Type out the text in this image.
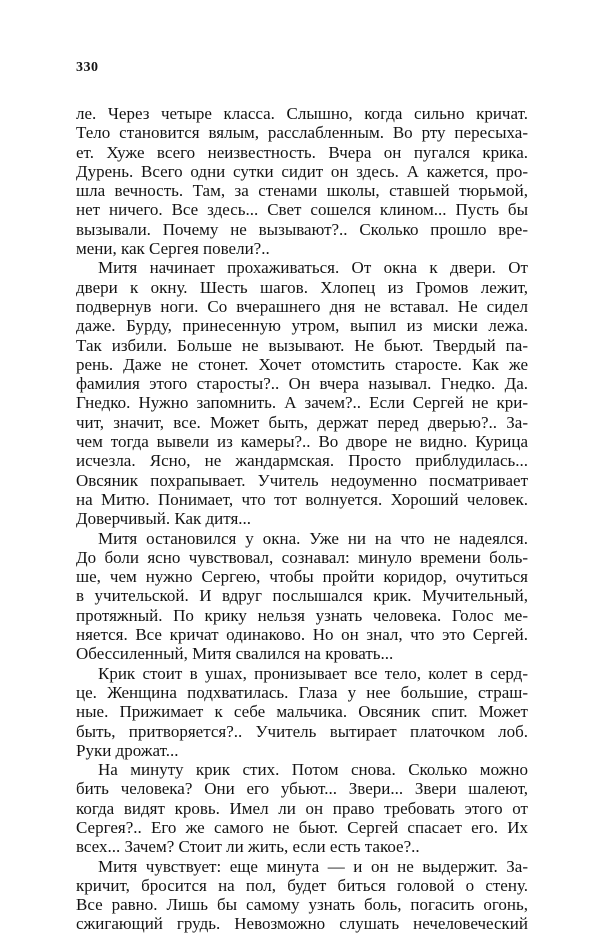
330
ле. Через четыре класса. Слышно, когда сильно кричат.
Тело становится вялым, расслабленным. Во рту пересыха-
ет. Хуже всего неизвестность. Вчера он пугался крика.
Дурень. Всего одни сутки сидит он здесь. А кажется, про-
шла вечность. Там, за стенами школы, ставшей тюрьмой,
нет ничего. Все здесь... Свет сошелся клином... Пусть бы
вызывали. Почему не вызывают?.. Сколько прошло вре-
мени, как Сергея повели?..
Митя начинает прохаживаться. От окна к двери. От
двери к окну. Шесть шагов. Хлопец из Громов лежит,
подвернув ноги. Со вчерашнего дня не вставал. Не сидел
даже. Бурду, принесенную утром, выпил из миски лежа.
Так избили. Больше не вызывают. Не бьют. Твердый па-
рень. Даже не стонет. Хочет отомстить старосте. Как же
фамилия этого старосты?.. Он вчера называл. Гнедко. Да.
Гнедко. Нужно запомнить. А зачем?.. Если Сергей не кри-
чит, значит, все. Может быть, держат перед дверью?.. За-
чем тогда вывели из камеры?.. Во дворе не видно. Курица
исчезла. Ясно, не жандармская. Просто приблудилась...
Овсяник похрапывает. Учитель недоуменно посматривает
на Митю. Понимает, что тот волнуется. Хороший человек.
Доверчивый. Как дитя...
Митя остановился у окна. Уже ни на что не надеялся.
До боли ясно чувствовал, сознавал: минуло времени боль-
ше, чем нужно Сергею, чтобы пройти коридор, очутиться
в учительской. И вдруг послышался крик. Мучительный,
протяжный. По крику нельзя узнать человека. Голос ме-
няется. Все кричат одинаково. Но он знал, что это Сергей.
Обессиленный, Митя свалился на кровать...
Крик стоит в ушах, пронизывает все тело, колет в серд-
це. Женщина подхватилась. Глаза у нее большие, страш-
ные. Прижимает к себе мальчика. Овсяник спит. Может
быть, притворяется?.. Учитель вытирает платочком лоб.
Руки дрожат...
На минуту крик стих. Потом снова. Сколько можно
бить человека? Они его убьют... Звери... Звери шалеют,
когда видят кровь. Имел ли он право требовать этого от
Сергея?.. Его же самого не бьют. Сергей спасает его. Их
всех... Зачем? Стоит ли жить, если есть такое?..
Митя чувствует: еще минута — и он не выдержит. За-
кричит, бросится на пол, будет биться головой о стену.
Все равно. Лишь бы самому узнать боль, погасить огонь,
сжигающий грудь. Невозможно слушать нечеловеческий
